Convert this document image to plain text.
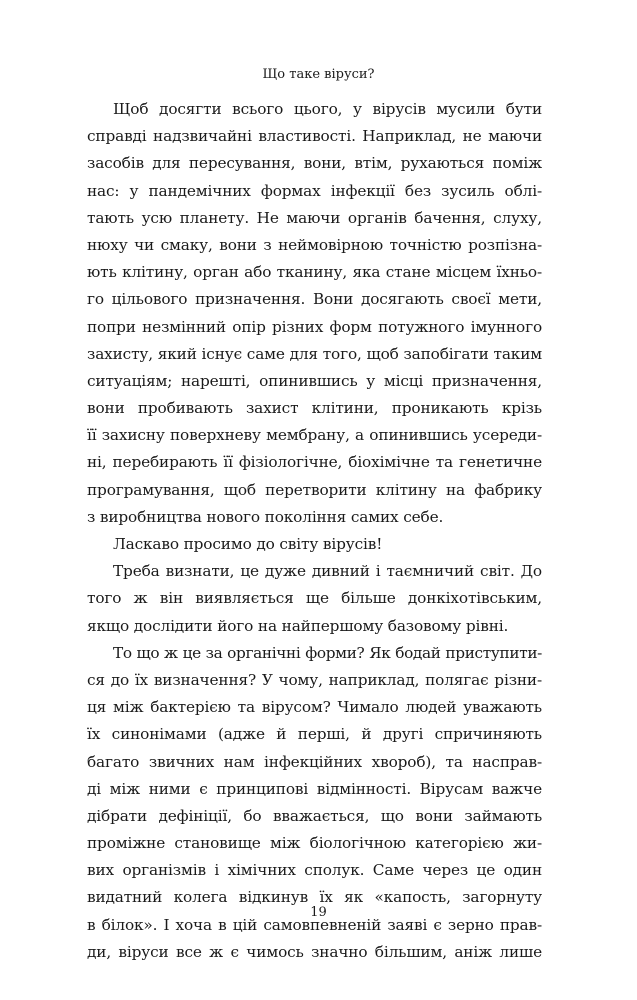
Що таке віруси?
Щоб досягти всього цього, у вірусів мусили бути
справді надзвичайні властивості. Наприклад, не маючи
засобів для пересування, вони, втім, рухаються поміж
нас: у пандемічних формах інфекції без зусиль облі-
тають усю планету. Не маючи органів бачення, слуху,
нюху чи смаку, вони з неймовірною точністю розпізна-
ють клітину, орган або тканину, яка стане місцем їхньо-
го цільового призначення. Вони досягають своєї мети,
попри незмінний опір різних форм потужного імунного
захисту, який існує саме для того, щоб запобігати таким
ситуаціям; нарешті, опинившись у місці призначення,
вони пробивають захист клітини, проникають крізь
її захисну поверхневу мембрану, а опинившись усереди-
ні, перебирають її фізіологічне, біохімічне та генетичне
програмування, щоб перетворити клітину на фабрику
з виробництва нового покоління самих себе.
Ласкаво просимо до світу вірусів!
Треба визнати, це дуже дивний і таємничий світ. До
того ж він виявляється ще більше донкіхотівським,
якщо дослідити його на найпершому базовому рівні.
То що ж це за органічні форми? Як бодай приступити-
ся до їх визначення? У чому, наприклад, полягає різни-
ця між бактерією та вірусом? Чимало людей уважають
їх синонімами (адже й перші, й другі спричиняють
багато звичних нам інфекційних хвороб), та насправ-
ді між ними є принципові відмінності. Вірусам важче
дібрати дефініції, бо вважається, що вони займають
проміжне становище між біологічною категорією жи-
вих організмів і хімічних сполук. Саме через це один
видатний колега відкинув їх як «капость, загорнуту
в білок». І хоча в цій самовпевненій заяві є зерно прав-
ди, віруси все ж є чимось значно більшим, аніж лише
19
